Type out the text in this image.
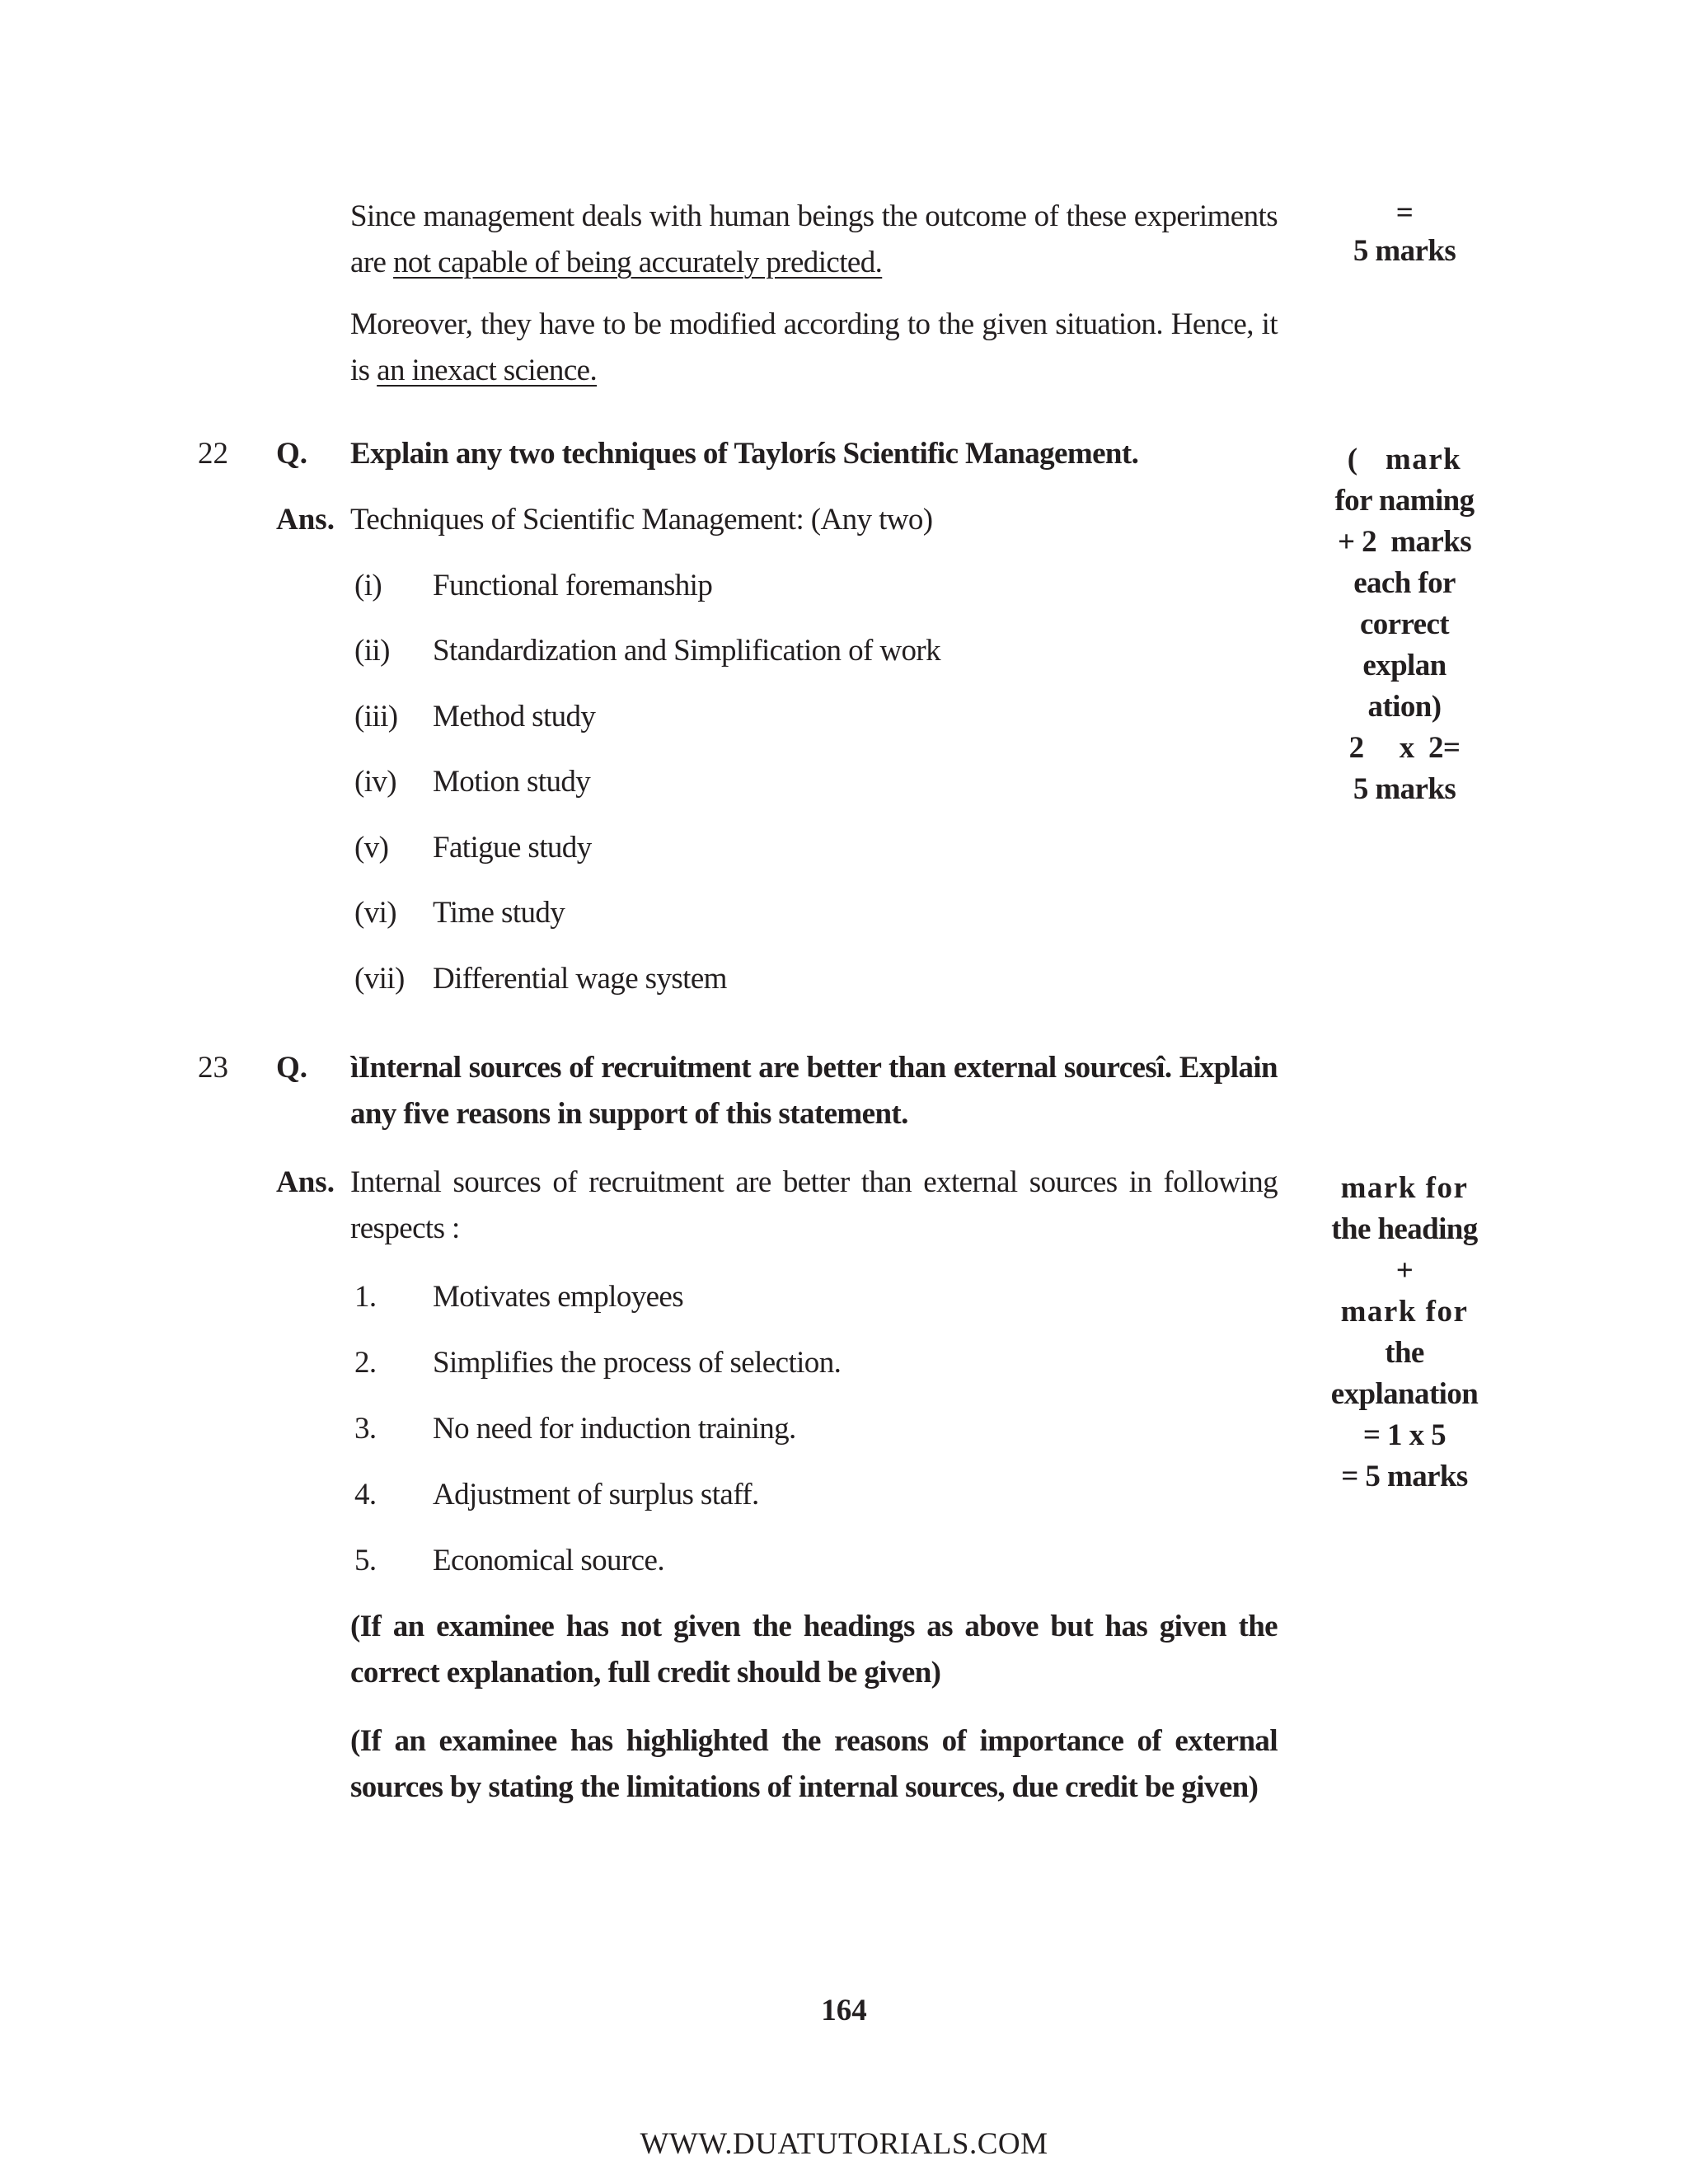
Since management deals with human beings the outcome of these experiments are not capable of being accurately predicted.
Moreover, they have to be modified according to the given situation. Hence, it is an inexact science.
=
5 marks
22 Q. Explain any two techniques of Taylorís Scientific Management.
Ans. Techniques of Scientific Management: (Any two)
(i) Functional foremanship
(ii) Standardization and Simplification of work
(iii) Method study
(iv) Motion study
(v) Fatigue study
(vi) Time study
(vii) Differential wage system
(   mark
for naming
+ 2  marks
each for
correct
explan
ation)
2     x  2=
5 marks
23 Q. ìInternal sources of recruitment are better than external sourcesî. Explain any five reasons in support of this statement.
Ans. Internal sources of recruitment are better than external sources in following respects :
1. Motivates employees
2. Simplifies the process of selection.
3. No need for induction training.
4. Adjustment of surplus staff.
5. Economical source.
(If an examinee has not given the headings as above but has given the correct explanation, full credit should be given)
(If an examinee has highlighted the reasons of importance of external sources by stating the limitations of internal sources, due credit be given)
mark for
the heading
+
mark for
the
explanation
= 1 x 5
= 5 marks
164
WWW.DUATUTORIALS.COM
